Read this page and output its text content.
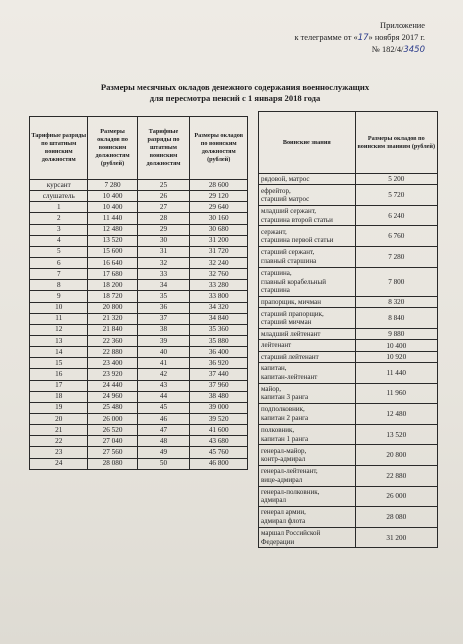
Приложение
к телеграмме от «17» ноября 2017 г.
№ 182/4/3450
Размеры месячных окладов денежного содержания военнослужащих
для пересмотра пенсий с 1 января 2018 года
Тарифные разряды по штатным воинским должностям	Размеры окладов по воинским должностям (рублей)	Тарифные разряды по штатным воинским должностям	Размеры окладов по воинским должностям (рублей)
курсант	7 280	25	28 600
слушатель	10 400	26	29 120
1	10 400	27	29 640
2	11 440	28	30 160
3	12 480	29	30 680
4	13 520	30	31 200
5	15 600	31	31 720
6	16 640	32	32 240
7	17 680	33	32 760
8	18 200	34	33 280
9	18 720	35	33 800
10	20 800	36	34 320
11	21 320	37	34 840
12	21 840	38	35 360
13	22 360	39	35 880
14	22 880	40	36 400
15	23 400	41	36 920
16	23 920	42	37 440
17	24 440	43	37 960
18	24 960	44	38 480
19	25 480	45	39 000
20	26 000	46	39 520
21	26 520	47	41 600
22	27 040	48	43 680
23	27 560	49	45 760
24	28 080	50	46 800
Воинские звания	Размеры окладов по воинским званиям (рублей)

рядовой, матрос	5 200

ефрейтор,
старший матрос	5 720

младший сержант,
старшина второй статьи	6 240

сержант,
старшина первой статьи	6 760

старший сержант,
главный старшина	7 280

старшина,
главный корабельный
старшина	7 800

прапорщик, мичман	8 320

старший прапорщик,
старший мичман	8 840

младший лейтенант	9 880

лейтенант	10 400

старший лейтенант	10 920

капитан,
капитан-лейтенант	11 440

майор,
капитан 3 ранга	11 960

подполковник,
капитан 2 ранга	12 480

полковник,
капитан 1 ранга	13 520

генерал-майор,
контр-адмирал	20 800

генерал-лейтенант,
вице-адмирал	22 880

генерал-полковник,
адмирал	26 000

генерал армии,
адмирал флота	28 080

маршал Российской
Федерации	31 200
